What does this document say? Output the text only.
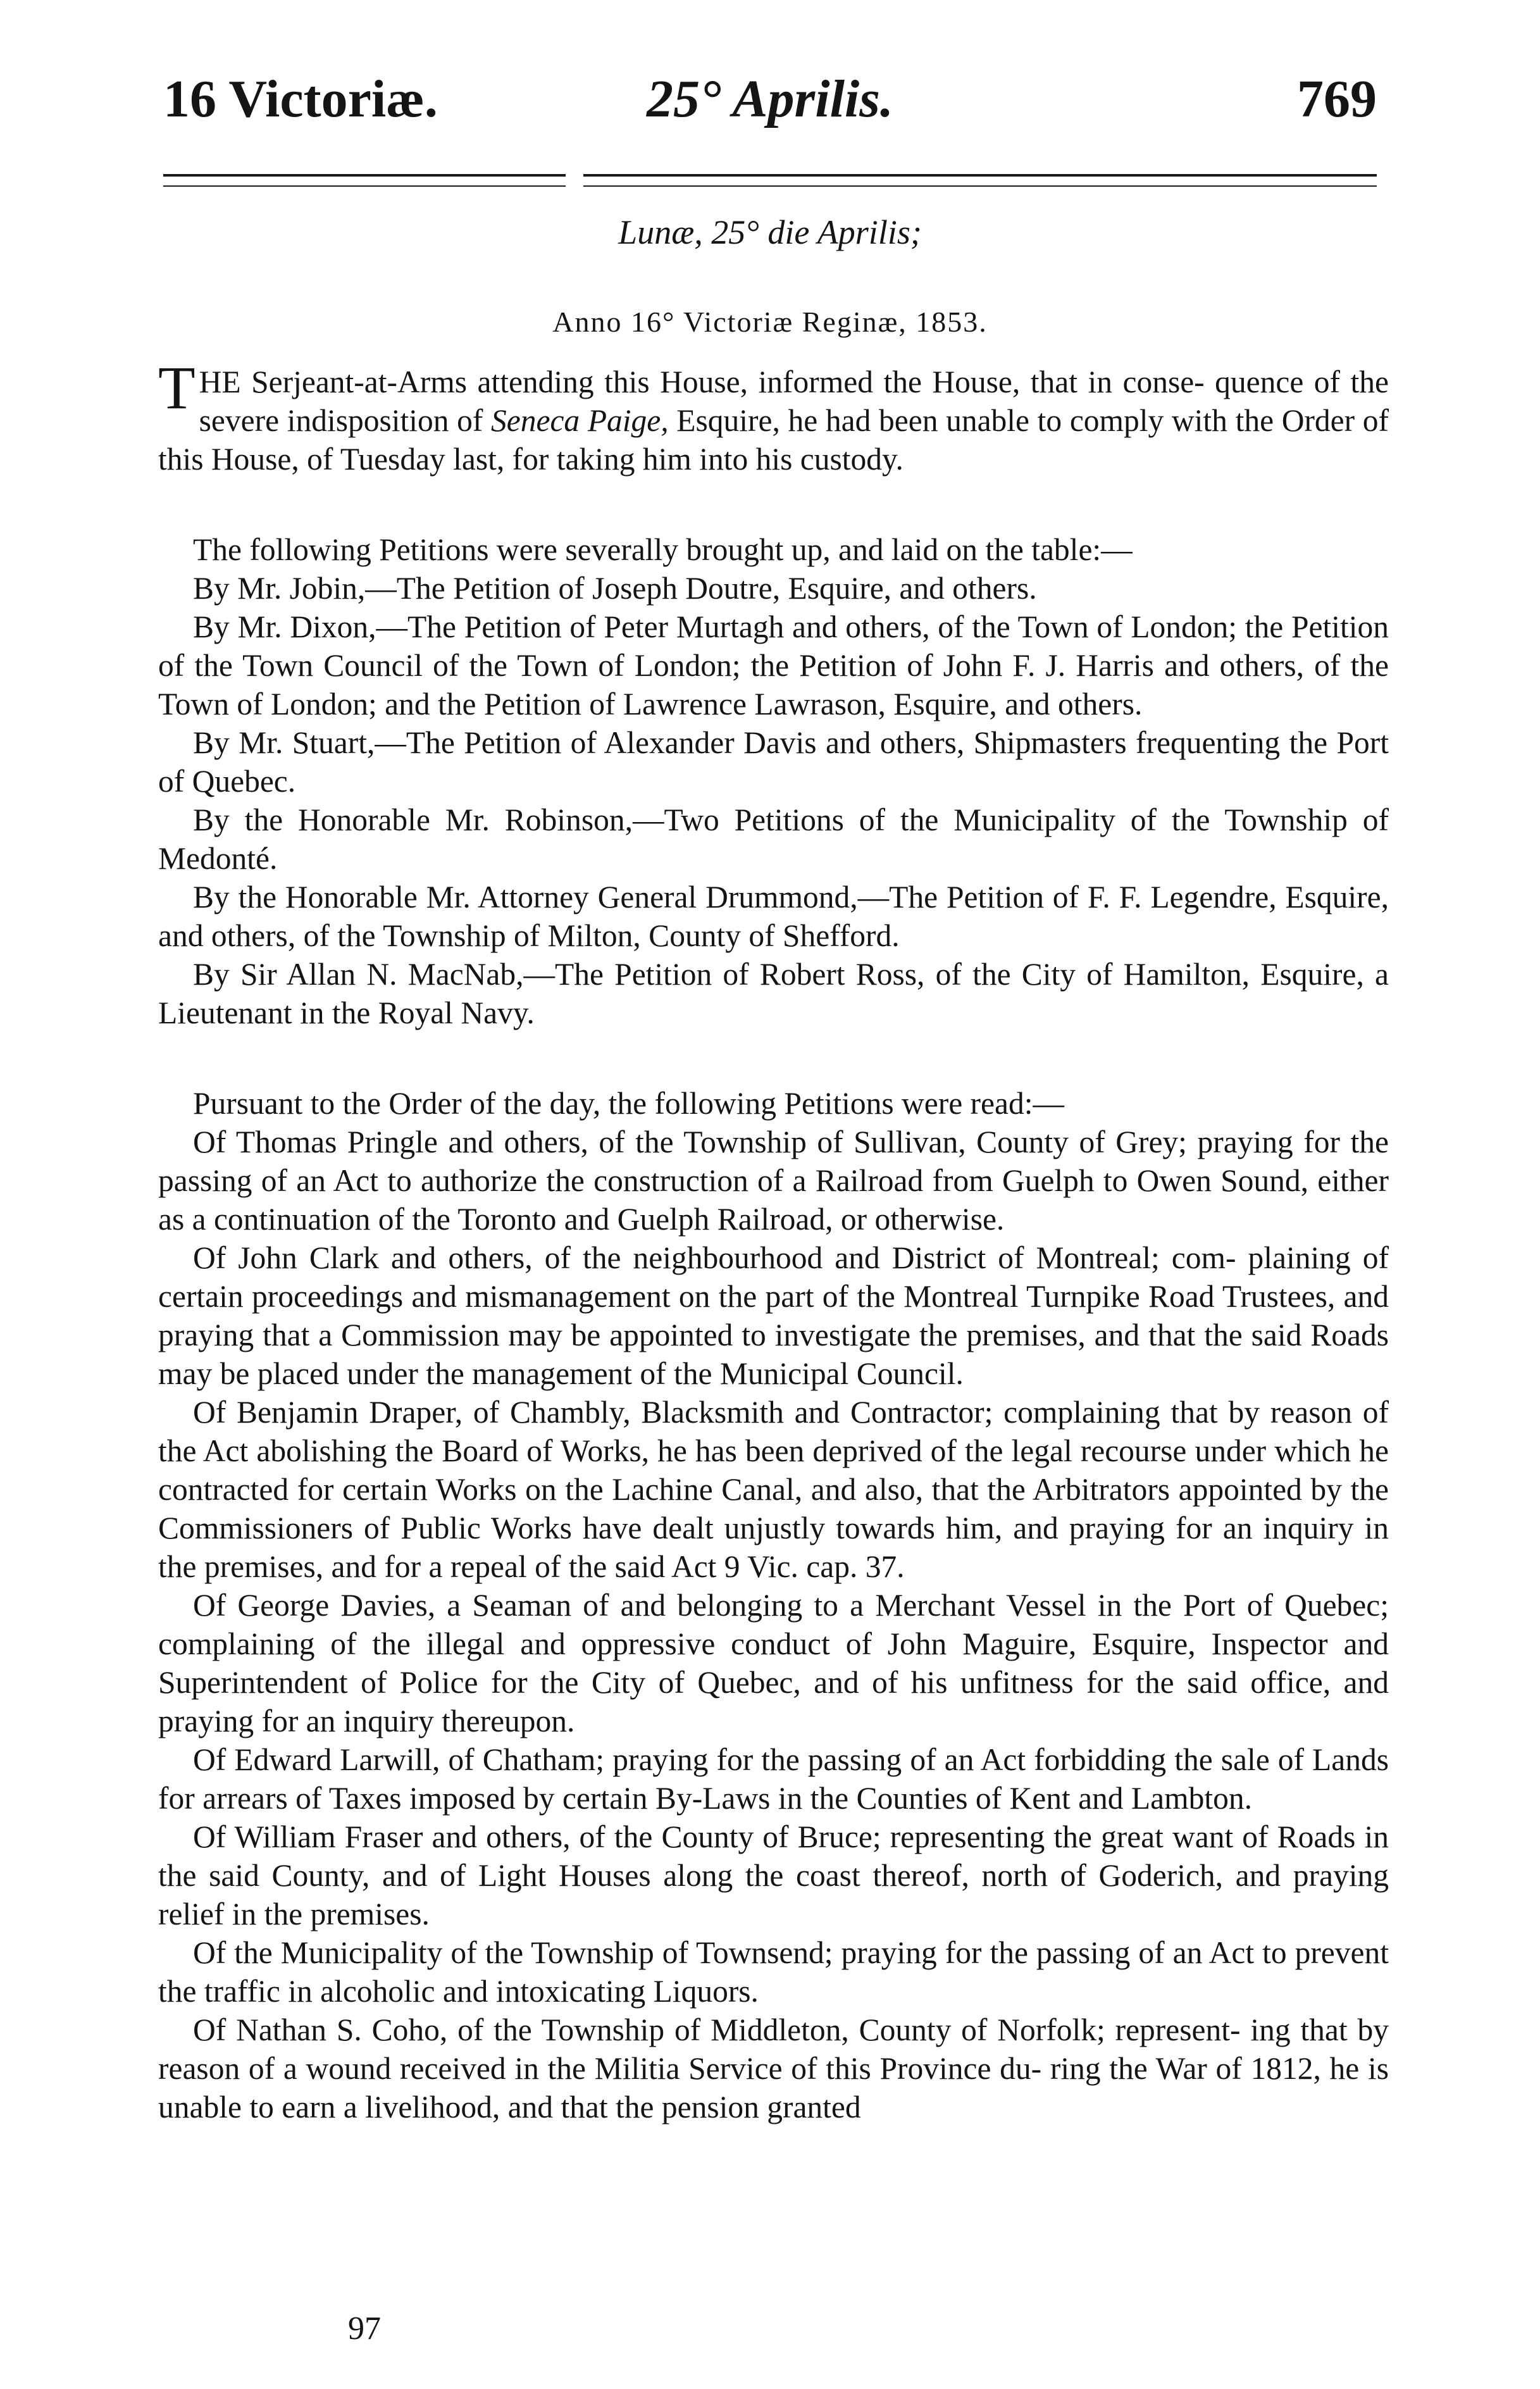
16 Victoriæ.	25° Aprilis.	769
Lunæ, 25° die Aprilis;
Anno 16° Victoriæ Reginæ, 1853.

THE Serjeant-at-Arms attending this House, informed the House, that in conse- quence of the severe indisposition of Seneca Paige, Esquire, he had been unable to comply with the Order of this House, of Tuesday last, for taking him into his custody.

The following Petitions were severally brought up, and laid on the table:—

By Mr. Jobin,—The Petition of Joseph Doutre, Esquire, and others.

By Mr. Dixon,—The Petition of Peter Murtagh and others, of the Town of London; the Petition of the Town Council of the Town of London; the Petition of John F. J. Harris and others, of the Town of London; and the Petition of Lawrence Lawrason, Esquire, and others.

By Mr. Stuart,—The Petition of Alexander Davis and others, Shipmasters frequenting the Port of Quebec.

By the Honorable Mr. Robinson,—Two Petitions of the Municipality of the Township of Medonté.

By the Honorable Mr. Attorney General Drummond,—The Petition of F. F. Legendre, Esquire, and others, of the Township of Milton, County of Shefford.

By Sir Allan N. MacNab,—The Petition of Robert Ross, of the City of Hamilton, Esquire, a Lieutenant in the Royal Navy.

Pursuant to the Order of the day, the following Petitions were read:—

Of Thomas Pringle and others, of the Township of Sullivan, County of Grey; praying for the passing of an Act to authorize the construction of a Railroad from Guelph to Owen Sound, either as a continuation of the Toronto and Guelph Railroad, or otherwise.

Of John Clark and others, of the neighbourhood and District of Montreal; com- plaining of certain proceedings and mismanagement on the part of the Montreal Turnpike Road Trustees, and praying that a Commission may be appointed to investigate the premises, and that the said Roads may be placed under the management of the Municipal Council.

Of Benjamin Draper, of Chambly, Blacksmith and Contractor; complaining that by reason of the Act abolishing the Board of Works, he has been deprived of the legal recourse under which he contracted for certain Works on the Lachine Canal, and also, that the Arbitrators appointed by the Commissioners of Public Works have dealt unjustly towards him, and praying for an inquiry in the premises, and for a repeal of the said Act 9 Vic. cap. 37.

Of George Davies, a Seaman of and belonging to a Merchant Vessel in the Port of Quebec; complaining of the illegal and oppressive conduct of John Maguire, Esquire, Inspector and Superintendent of Police for the City of Quebec, and of his unfitness for the said office, and praying for an inquiry thereupon.

Of Edward Larwill, of Chatham; praying for the passing of an Act forbidding the sale of Lands for arrears of Taxes imposed by certain By-Laws in the Counties of Kent and Lambton.

Of William Fraser and others, of the County of Bruce; representing the great want of Roads in the said County, and of Light Houses along the coast thereof, north of Goderich, and praying relief in the premises.

Of the Municipality of the Township of Townsend; praying for the passing of an Act to prevent the traffic in alcoholic and intoxicating Liquors.

Of Nathan S. Coho, of the Township of Middleton, County of Norfolk; represent- ing that by reason of a wound received in the Militia Service of this Province du- ring the War of 1812, he is unable to earn a livelihood, and that the pension granted

97
